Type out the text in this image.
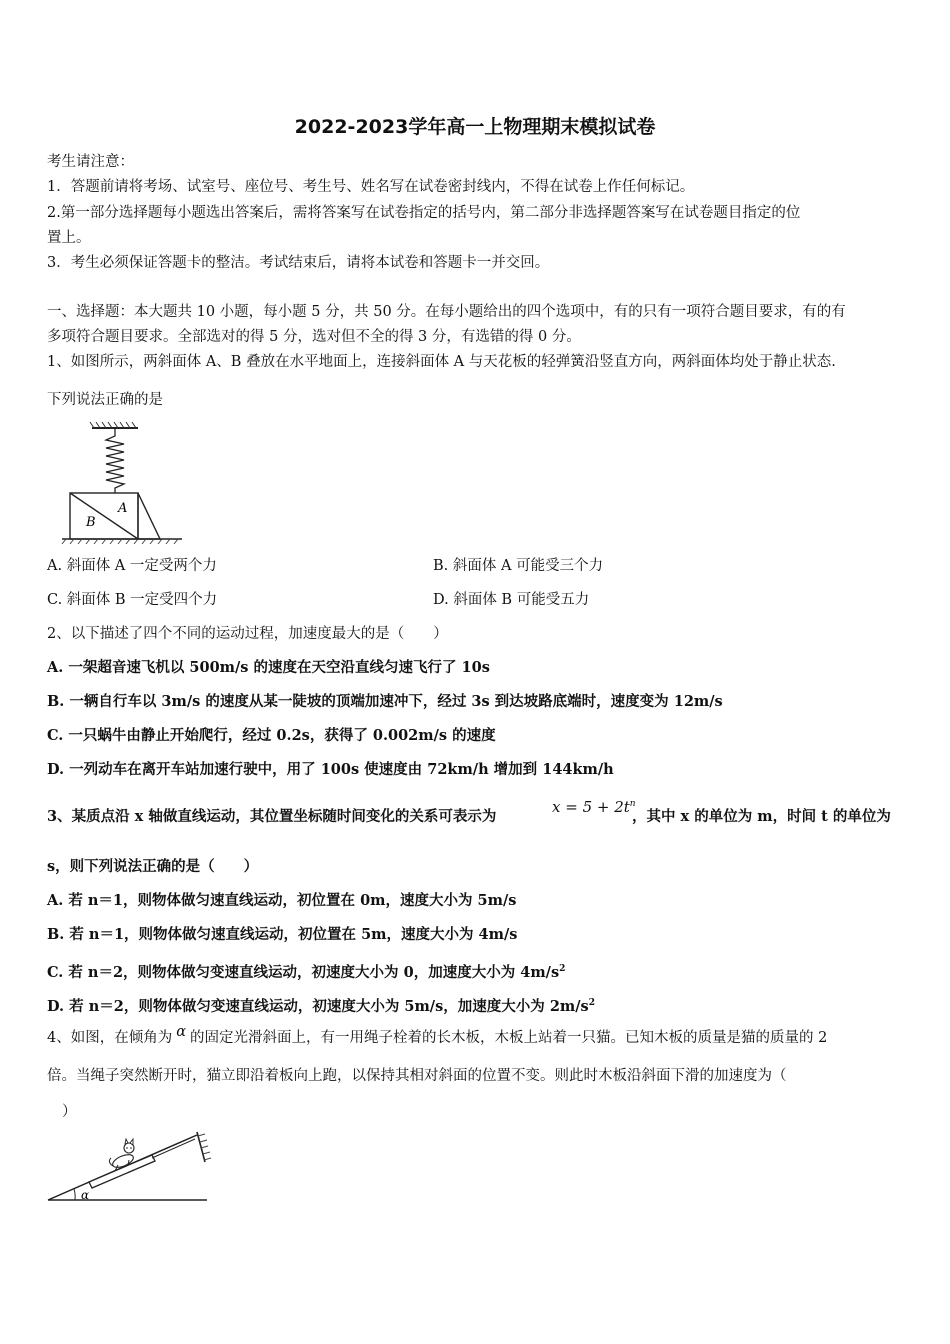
2022-2023学年高一上物理期末模拟试卷
考生请注意：
1．答题前请将考场、试室号、座位号、考生号、姓名写在试卷密封线内，不得在试卷上作任何标记。
2.第一部分选择题每小题选出答案后，需将答案写在试卷指定的括号内，第二部分非选择题答案写在试卷题目指定的位
置上。
3．考生必须保证答题卡的整洁。考试结束后，请将本试卷和答题卡一并交回。
一、选择题：本大题共 10 小题，每小题 5 分，共 50 分。在每小题给出的四个选项中，有的只有一项符合题目要求，有的有
多项符合题目要求。全部选对的得 5 分，选对但不全的得 3 分，有选错的得 0 分。
1、如图所示，两斜面体 A、B 叠放在水平地面上，连接斜面体 A 与天花板的轻弹簧沿竖直方向，两斜面体均处于静止状态.
下列说法正确的是
A
B
A. 斜面体 A 一定受两个力	B. 斜面体 A 可能受三个力
C. 斜面体 B 一定受四个力	D. 斜面体 B 可能受五力
2、以下描述了四个不同的运动过程，加速度最大的是（　　）
A. 一架超音速飞机以 500m/s 的速度在天空沿直线匀速飞行了 10s
B. 一辆自行车以 3m/s 的速度从某一陡坡的顶端加速冲下，经过 3s 到达坡路底端时，速度变为 12m/s
C. 一只蜗牛由静止开始爬行，经过 0.2s，获得了 0.002m/s 的速度
D. 一列动车在离开车站加速行驶中，用了 100s 使速度由 72km/h 增加到 144km/h
3、某质点沿 x 轴做直线运动，其位置坐标随时间变化的关系可表示为
$x = 5 + 2t^n$
，其中 x 的单位为 m，时间 t 的单位为
s，则下列说法正确的是（　　）
A. 若 n＝1，则物体做匀速直线运动，初位置在 0m，速度大小为 5m/s
B. 若 n＝1，则物体做匀速直线运动，初位置在 5m，速度大小为 4m/s
C. 若 n＝2，则物体做匀变速直线运动，初速度大小为 0，加速度大小为 $4m/s^2$
D. 若 n＝2，则物体做匀变速直线运动，初速度大小为 5m/s，加速度大小为 $2m/s^2$
4、如图，在倾角为 α 的固定光滑斜面上，有一用绳子栓着的长木板，木板上站着一只猫。已知木板的质量是猫的质量的 2
倍。当绳子突然断开时，猫立即沿着板向上跑，以保持其相对斜面的位置不变。则此时木板沿斜面下滑的加速度为（
）
α
